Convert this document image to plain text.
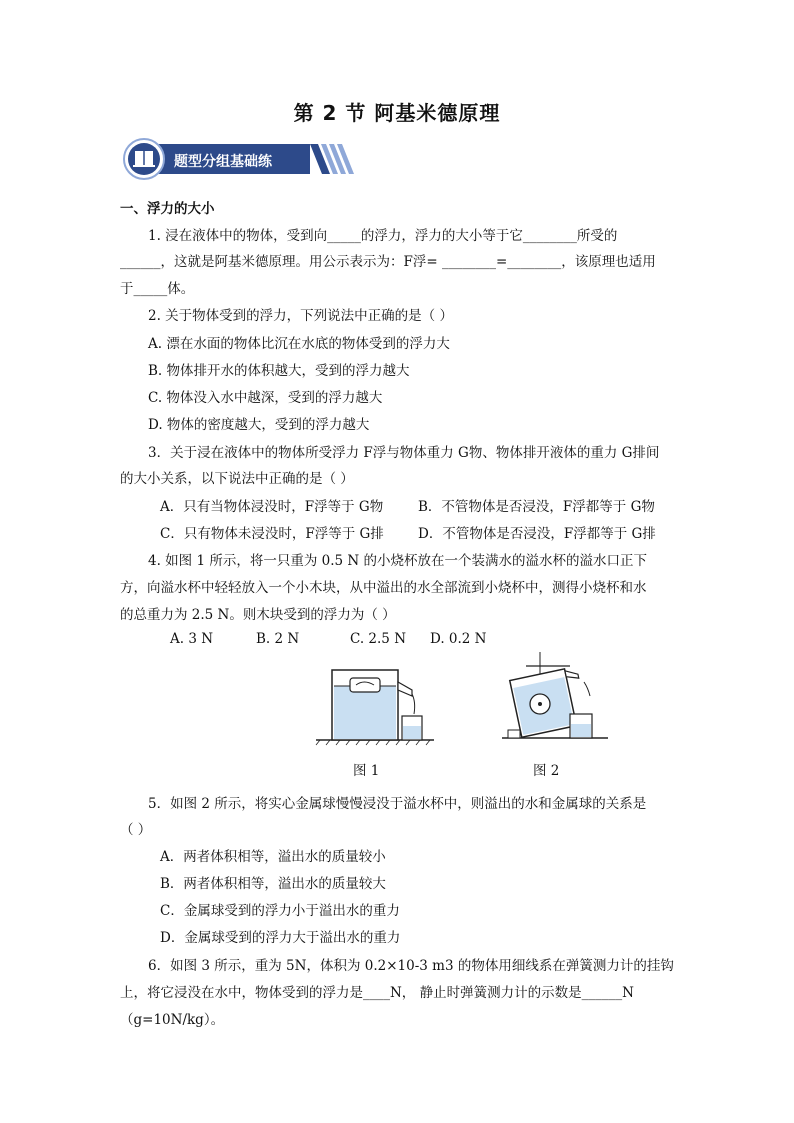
第 2 节 阿基米德原理
题型分组基础练
一、浮力的大小
1. 浸在液体中的物体，受到向_____的浮力，浮力的大小等于它________所受的
______，这就是阿基米德原理。用公示表示为：F浮= ________=________，该原理也适用
于_____体。
2. 关于物体受到的浮力，下列说法中正确的是（ ）
A. 漂在水面的物体比沉在水底的物体受到的浮力大
B. 物体排开水的体积越大，受到的浮力越大
C. 物体没入水中越深，受到的浮力越大
D. 物体的密度越大，受到的浮力越大
3．关于浸在液体中的物体所受浮力 F浮与物体重力 G物、物体排开液体的重力 G排间
的大小关系，以下说法中正确的是（ ）
A．只有当物体浸没时，F浮等于 G物	B．不管物体是否浸没，F浮都等于 G物
C．只有物体未浸没时，F浮等于 G排	D．不管物体是否浸没，F浮都等于 G排
4. 如图 1 所示，将一只重为 0.5 N 的小烧杯放在一个装满水的溢水杯的溢水口正下
方，向溢水杯中轻轻放入一个小木块，从中溢出的水全部流到小烧杯中，测得小烧杯和水
的总重力为 2.5 N。则木块受到的浮力为（ ）
A. 3 N	B. 2 N	C. 2.5 N D. 0.2 N
图 1	图 2
5．如图 2 所示，将实心金属球慢慢浸没于溢水杯中，则溢出的水和金属球的关系是
（ ）
A．两者体积相等，溢出水的质量较小
B．两者体积相等，溢出水的质量较大
C．金属球受到的浮力小于溢出水的重力
D．金属球受到的浮力大于溢出水的重力
6．如图 3 所示，重为 5N，体积为 0.2×10-3 m3 的物体用细线系在弹簧测力计的挂钩
上，将它浸没在水中，物体受到的浮力是____N， 静止时弹簧测力计的示数是______N
（g=10N/kg）。
